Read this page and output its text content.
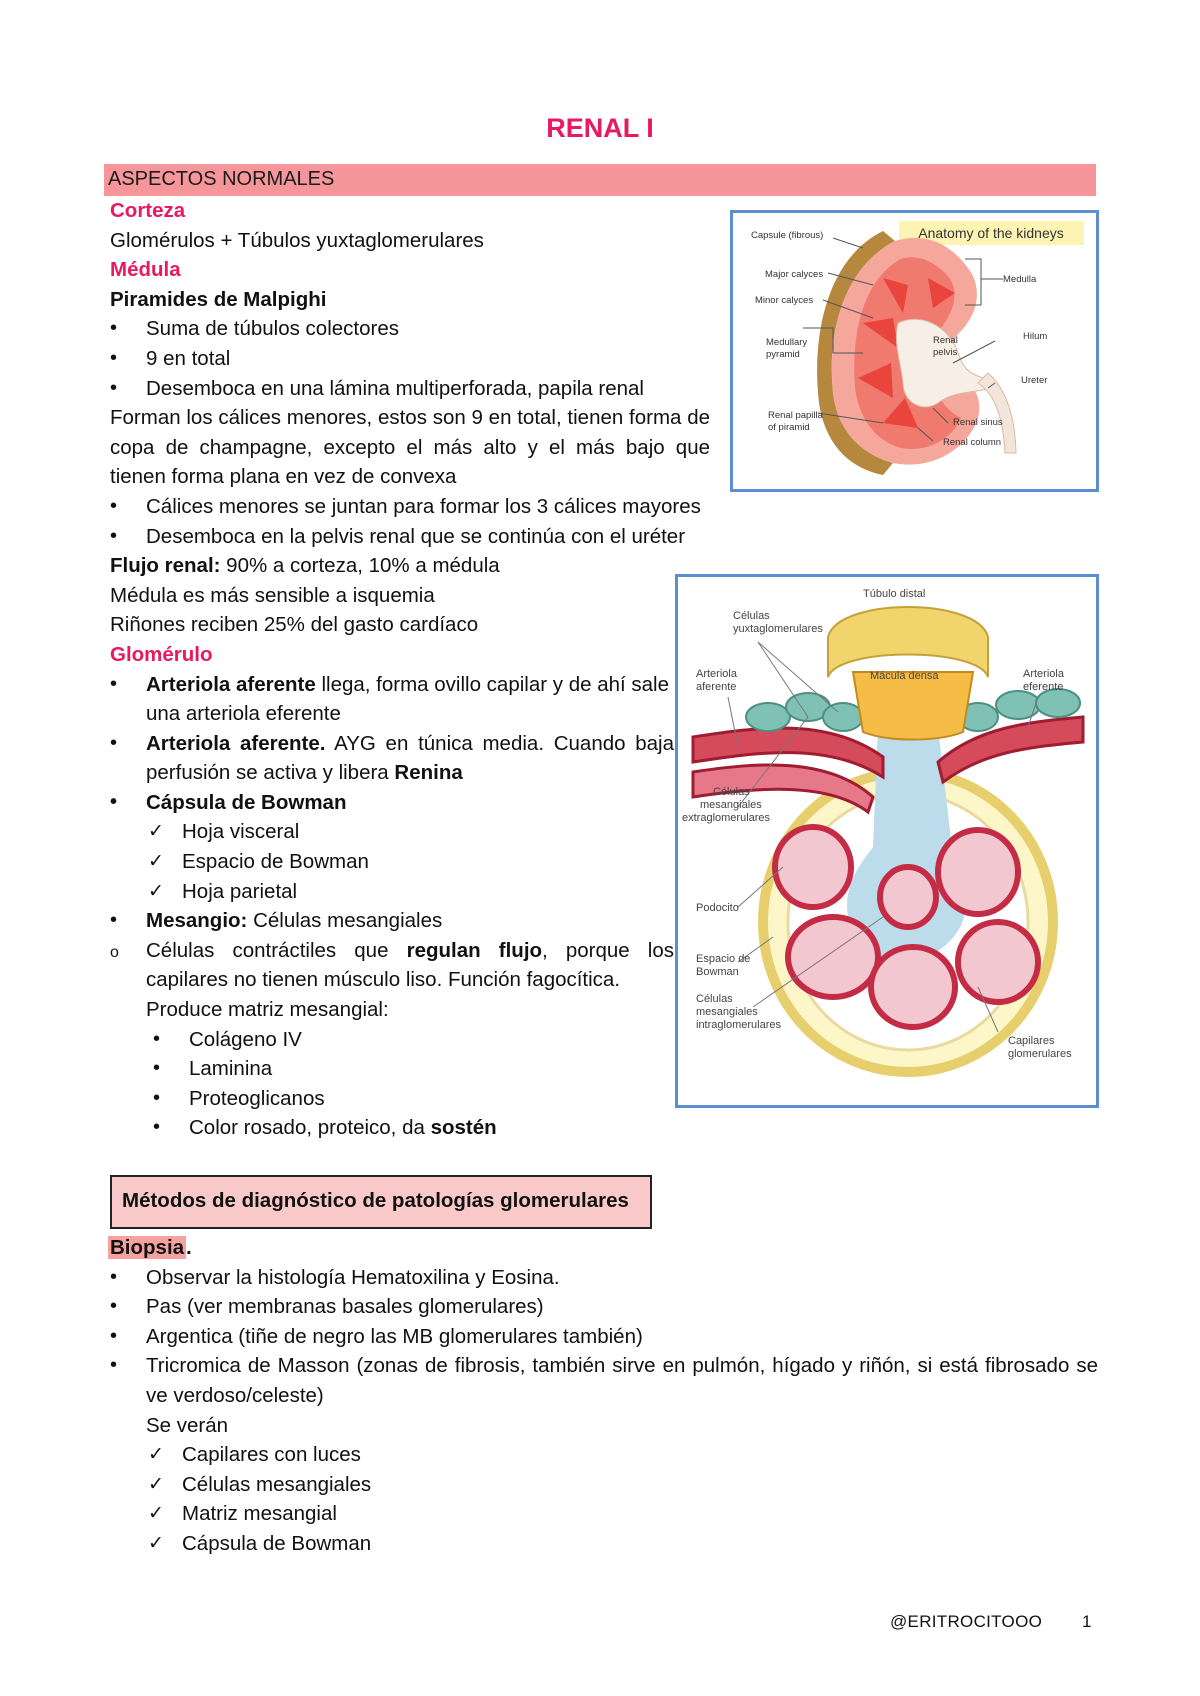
RENAL I
ASPECTOS NORMALES
Corteza
Glomérulos + Túbulos yuxtaglomerulares
Médula
Piramides de Malpighi
• Suma de túbulos colectores
• 9 en total
• Desemboca en una lámina multiperforada, papila renal
Forman los cálices menores, estos son 9 en total, tienen forma de copa de champagne, excepto el más alto y el más bajo que tienen forma plana en vez de convexa
• Cálices menores se juntan para formar los 3 cálices mayores
• Desemboca en la pelvis renal que se continúa con el uréter
Flujo renal: 90% a corteza, 10% a médula
Médula es más sensible a isquemia
Riñones reciben 25% del gasto cardíaco
Glomérulo
• Arteriola aferente llega, forma ovillo capilar y de ahí sale una arteriola eferente
• Arteriola aferente. AYG en túnica media. Cuando baja perfusión se activa y libera Renina
• Cápsula de Bowman
✓ Hoja visceral
✓ Espacio de Bowman
✓ Hoja parietal
• Mesangio: Células mesangiales
o Células contráctiles que regulan flujo, porque los capilares no tienen músculo liso. Función fagocítica.
Produce matriz mesangial:
• Colágeno IV
• Laminina
• Proteoglicanos
• Color rosado, proteico, da sostén
Anatomy of the kidneys
Capsule (fibrous)
Major calyces
Minor calyces
Medullary
pyramid
Renal papilla
of piramid
Medulla
Hilum
Ureter
Renal
pelvis
Renal sinus
Renal column
Túbulo distal
Células
yuxtaglomerulares
Arteriola
aferente
Mácula densa	Arteriola
eferente
Células
mesangiales
extraglomerulares
Podocito
Espacio de
Bowman
Células
mesangiales
intraglomerulares
Capilares
glomerulares
Métodos de diagnóstico de patologías glomerulares
Biopsia.
• Observar la histología Hematoxilina y Eosina.
• Pas (ver membranas basales glomerulares)
• Argentica (tiñe de negro las MB glomerulares también)
• Tricromica de Masson (zonas de fibrosis, también sirve en pulmón, hígado y riñón, si está fibrosado se ve verdoso/celeste)
Se verán
✓ Capilares con luces
✓ Células mesangiales
✓ Matriz mesangial
✓ Cápsula de Bowman
@ERITROCITOOO 1
